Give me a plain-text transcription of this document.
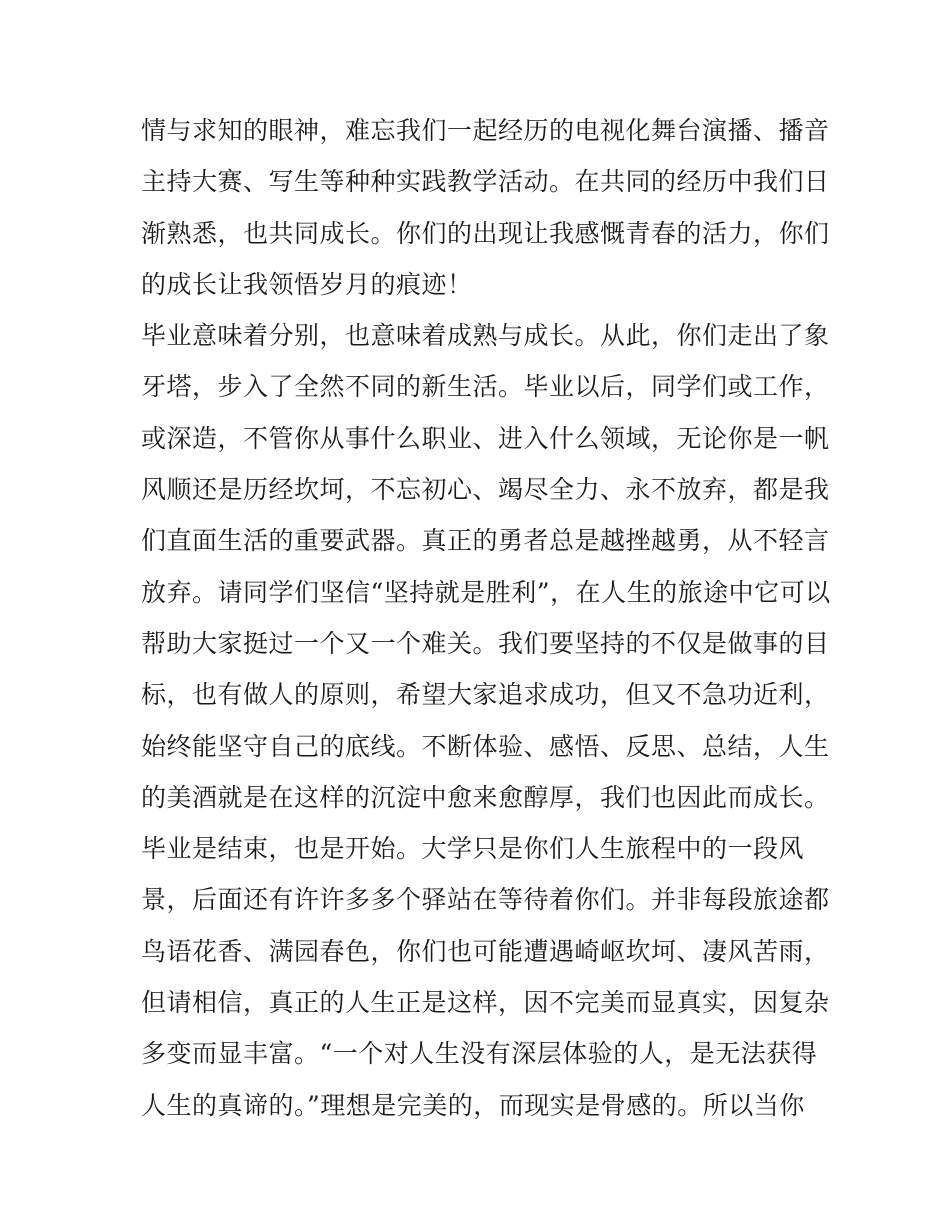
情与求知的眼神，难忘我们一起经历的电视化舞台演播、播音
主持大赛、写生等种种实践教学活动。在共同的经历中我们日
渐熟悉，也共同成长。你们的出现让我感慨青春的活力，你们
的成长让我领悟岁月的痕迹！
毕业意味着分别，也意味着成熟与成长。从此，你们走出了象
牙塔，步入了全然不同的新生活。毕业以后，同学们或工作，
或深造，不管你从事什么职业、进入什么领域，无论你是一帆
风顺还是历经坎坷，不忘初心、竭尽全力、永不放弃，都是我
们直面生活的重要武器。真正的勇者总是越挫越勇，从不轻言
放弃。请同学们坚信“坚持就是胜利”，在人生的旅途中它可以
帮助大家挺过一个又一个难关。我们要坚持的不仅是做事的目
标，也有做人的原则，希望大家追求成功，但又不急功近利，
始终能坚守自己的底线。不断体验、感悟、反思、总结，人生
的美酒就是在这样的沉淀中愈来愈醇厚，我们也因此而成长。
毕业是结束，也是开始。大学只是你们人生旅程中的一段风
景，后面还有许许多多个驿站在等待着你们。并非每段旅途都
鸟语花香、满园春色，你们也可能遭遇崎岖坎坷、凄风苦雨，
但请相信，真正的人生正是这样，因不完美而显真实，因复杂
多变而显丰富。“一个对人生没有深层体验的人，是无法获得
人生的真谛的。”理想是完美的，而现实是骨感的。所以当你
